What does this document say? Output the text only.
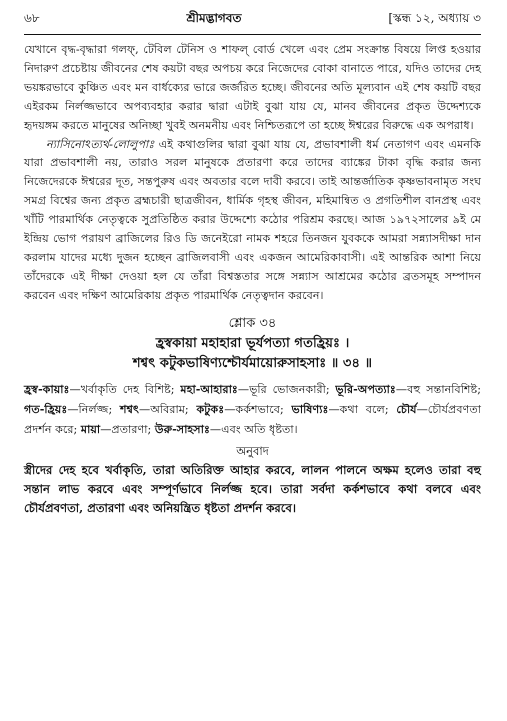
৬৮	শ্রীমদ্ভাগবত	[স্কন্ধ ১২, অধ্যায় ৩

যেখানে বৃদ্ধ-বৃদ্ধারা গলফ্, টেবিল টেনিস ও শাফল্ বোর্ড খেলে এবং প্রেম সংক্রান্ত বিষয়ে লিপ্ত হওয়ার নিদারুণ প্রচেষ্টায় জীবনের শেষ কয়টা বছর অপচয় করে নিজেদের বোকা বানাতে পারে, যদিও তাদের দেহ ভয়ঙ্করভাবে কুঞ্চিত এবং মন বার্ধক্যের ভারে জর্জরিত হচ্ছে। জীবনের অতি মূল্যবান এই শেষ কয়টি বছর এইরকম নির্লজ্জভাবে অপব্যবহার করার দ্বারা এটাই বুঝা যায় যে, মানব জীবনের প্রকৃত উদ্দেশ্যকে হৃদয়ঙ্গম করতে মানুষের অনিচ্ছা খুবই অনমনীয় এবং নিশ্চিতরূপে তা হচ্ছে ঈশ্বরের বিরুদ্ধে এক অপরাধ।

ন্যাসিনোঽত্যর্থ-লোলুপাঃ এই কথাগুলির দ্বারা বুঝা যায় যে, প্রভাবশালী ধর্ম নেতাগণ এবং এমনকি যারা প্রভাবশালী নয়, তারাও সরল মানুষকে প্রতারণা করে তাদের ব্যাঙ্কের টাকা বৃদ্ধি করার জন্য নিজেদেরকে ঈশ্বরের দূত, সন্তপুরুষ এবং অবতার বলে দাবী করবে। তাই আন্তর্জাতিক কৃষ্ণভাবনামৃত সংঘ সমগ্র বিশ্বের জন্য প্রকৃত ব্রহ্মচারী ছাত্রজীবন, ধার্মিক গৃহস্থ জীবন, মহিমান্বিত ও প্রগতিশীল বানপ্রস্থ এবং খাঁটি পারমার্থিক নেতৃত্বকে সুপ্রতিষ্ঠিত করার উদ্দেশ্যে কঠোর পরিশ্রম করছে। আজ ১৯৭২সালের ৯ই মে ইন্দ্রিয় ভোগ পরায়ণ ব্রাজিলের রিও ডি জনেইরো নামক শহরে তিনজন যুবককে আমরা সন্ন্যাসদীক্ষা দান করলাম যাদের মধ্যে দুজন হচ্ছেন ব্রাজিলবাসী এবং একজন আমেরিকাবাসী। এই আন্তরিক আশা নিয়ে তাঁদেরকে এই দীক্ষা দেওয়া হল যে তাঁরা বিশ্বস্ততার সঙ্গে সন্ন্যাস আশ্রমের কঠোর ব্রতসমূহ সম্পাদন করবেন এবং দক্ষিণ আমেরিকায় প্রকৃত পারমার্থিক নেতৃত্বদান করবেন।

শ্লোক ৩৪
হ্রস্বকায়া মহাহারা ভূর্যপত্যা গতহ্রিয়ঃ ।
শশ্বৎ কটুকভাষিণ্যশ্চৌর্যমায়োরুসাহসাঃ ॥ ৩৪ ॥

হ্রস্ব-কায়াঃ—খর্বাকৃতি দেহ বিশিষ্ট; মহা-আহারাঃ—ভূরি ভোজনকারী; ভূরি-অপত্যাঃ—বহু সন্তানবিশিষ্ট; গত-হ্রিয়ঃ—নির্লজ্জ; শশ্বৎ—অবিরাম; কটুকঃ—কর্কশভাবে; ভাষিণ্যঃ—কথা বলে; চৌর্য—চৌর্যপ্রবণতা প্রদর্শন করে; মায়া—প্রতারণা; উরু-সাহসাঃ—এবং অতি ধৃষ্টতা।

অনুবাদ

স্ত্রীদের দেহ হবে খর্বাকৃতি, তারা অতিরিক্ত আহার করবে, লালন পালনে অক্ষম হলেও তারা বহু সন্তান লাভ করবে এবং সম্পূর্ণভাবে নির্লজ্জ হবে। তারা সর্বদা কর্কশভাবে কথা বলবে এবং চৌর্যপ্রবণতা, প্রতারণা এবং অনিয়ন্ত্রিত ধৃষ্টতা প্রদর্শন করবে।
